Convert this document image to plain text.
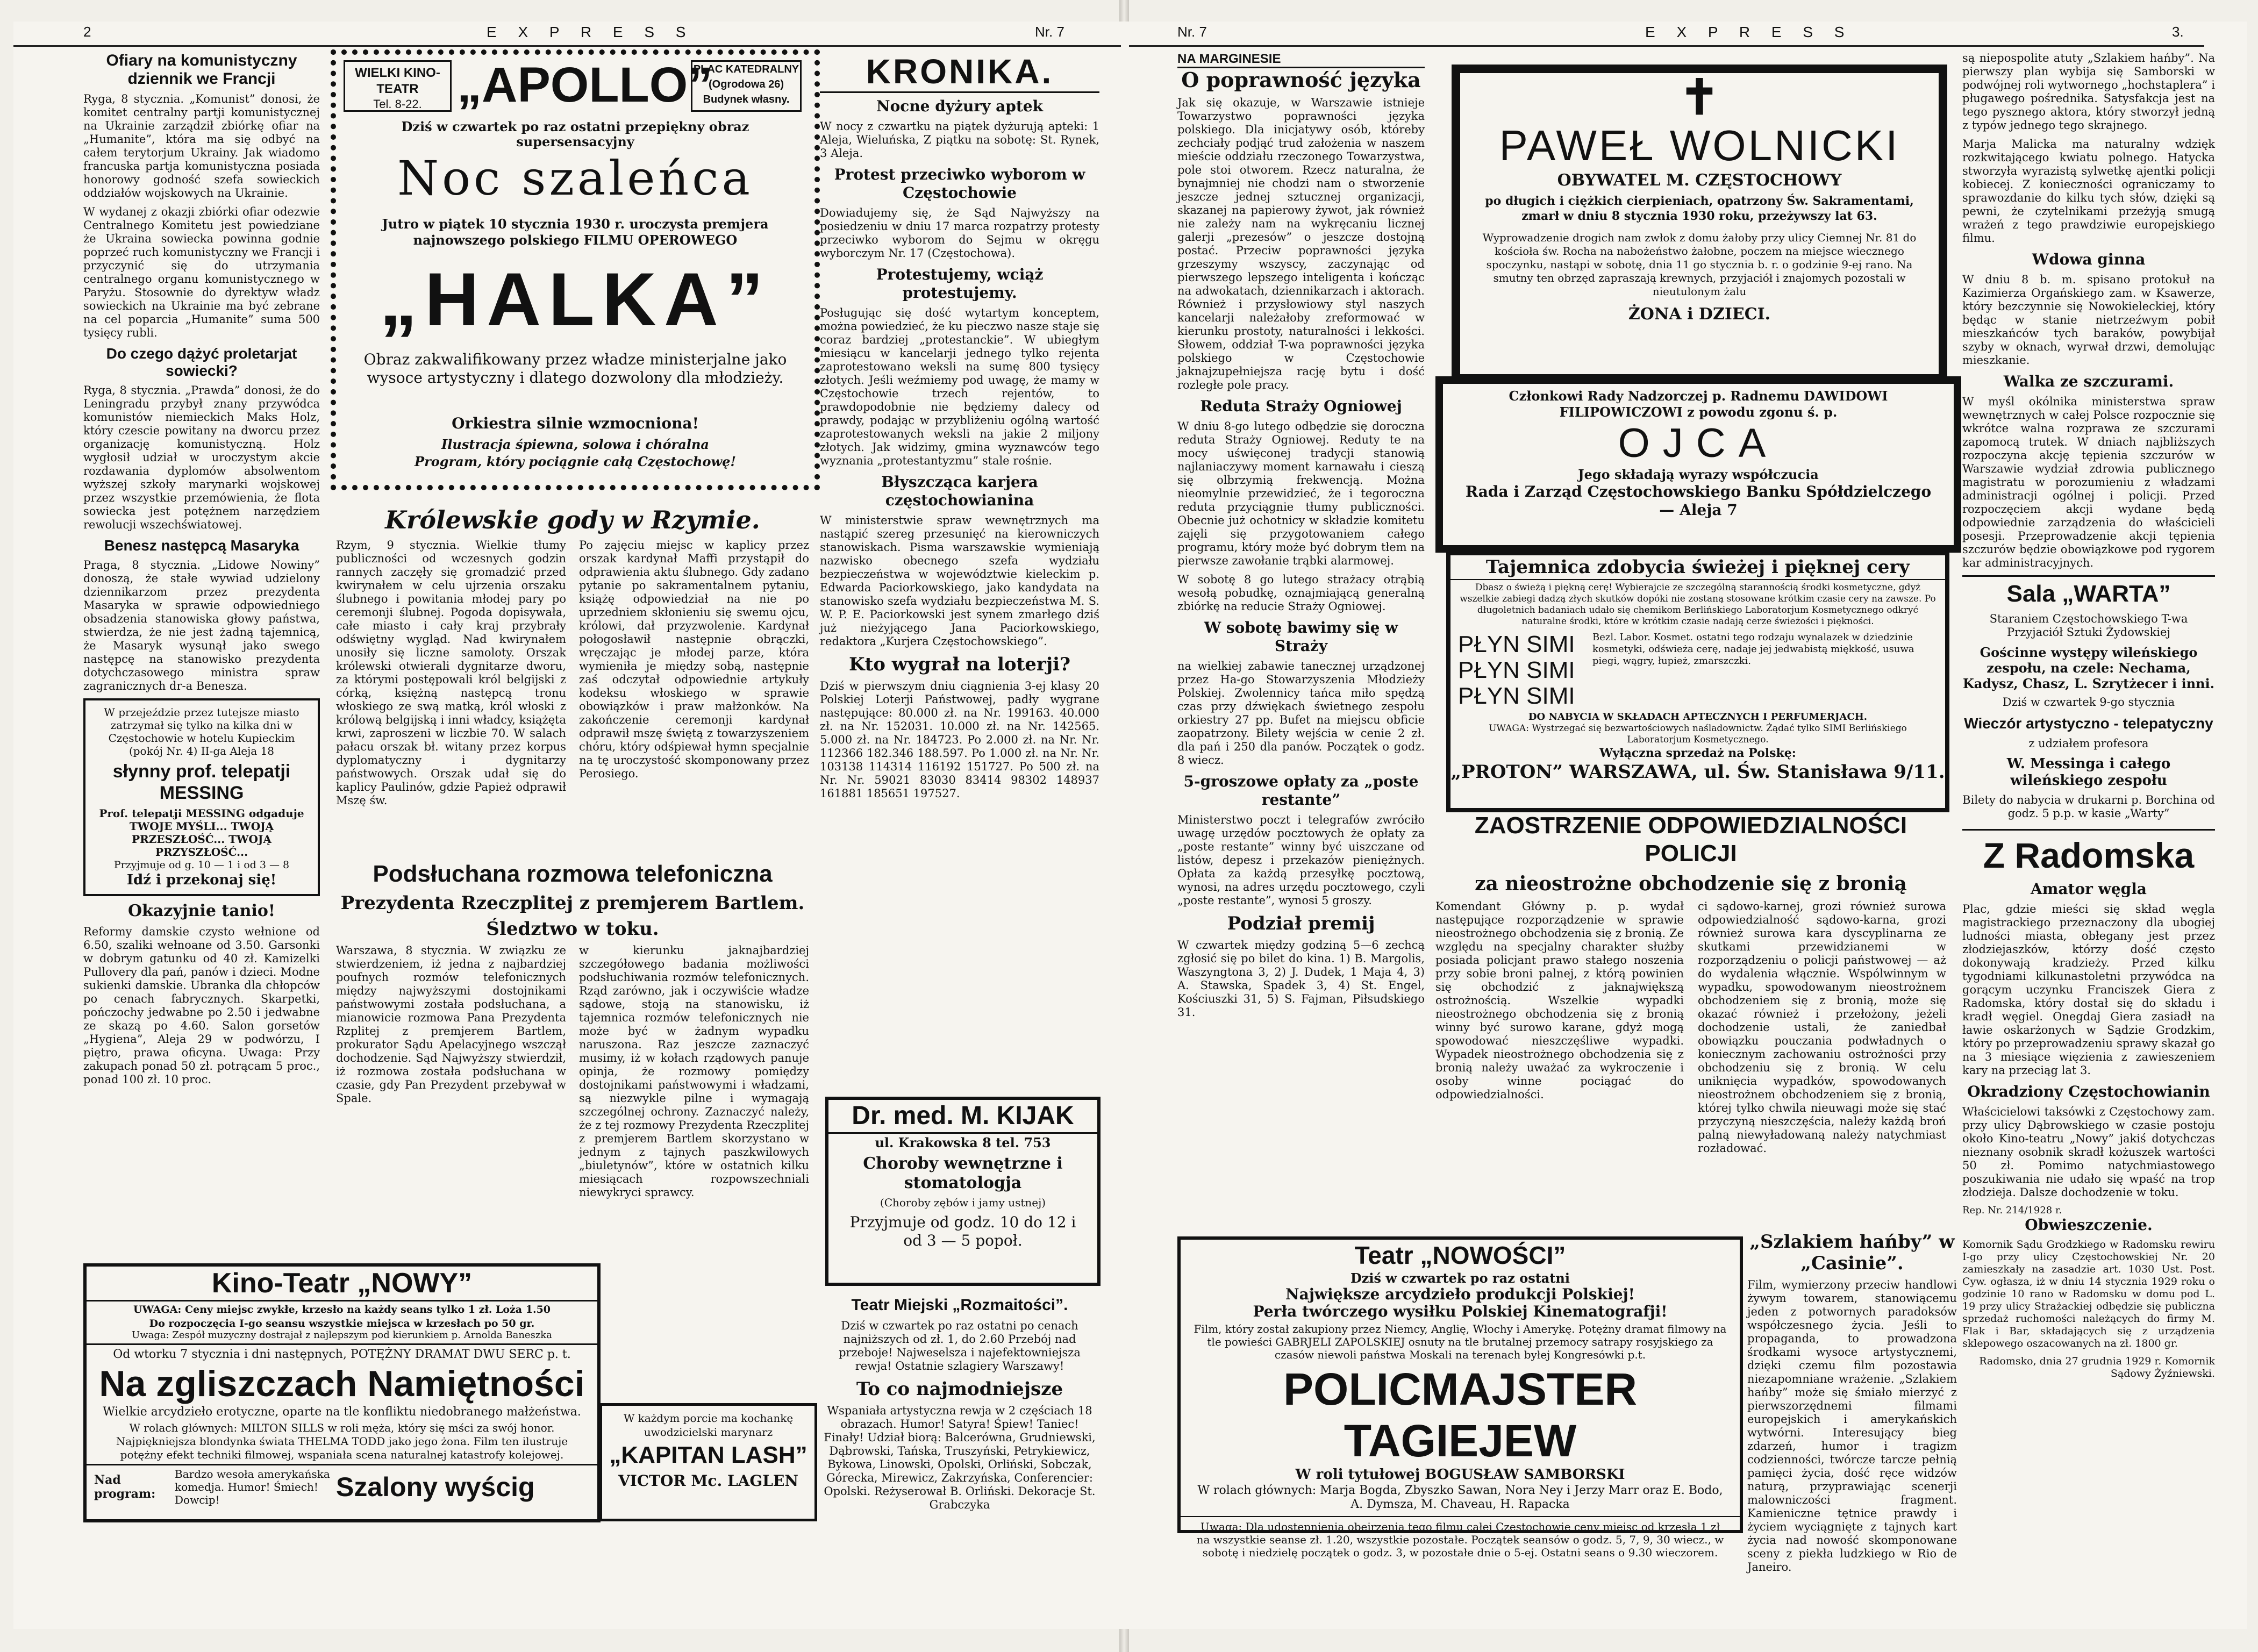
2	E X P R E S S	Nr. 7
Ofiary na komunistyczny dziennik we Francji

Ryga, 8 stycznia. „Komunist” donosi, że komitet centralny partji komunistycznej na Ukrainie zarządził zbiórkę ofiar na „Humanite”, która ma się odbyć na całem terytorjum Ukrainy. Jak wiadomo francuska partja komunistyczna posiada honorowy godność szefa sowieckich oddziałów wojskowych na Ukrainie.

W wydanej z okazji zbiórki ofiar odezwie Centralnego Komitetu jest powiedziane że Ukraina sowiecka powinna godnie poprzeć ruch komunistyczny we Francji i przyczynić się do utrzymania centralnego organu komunistycznego w Paryżu. Stosownie do dyrektyw władz sowieckich na Ukrainie ma być zebrane na cel poparcia „Humanite” suma 500 tysięcy rubli.

Do czego dążyć proletarjat sowiecki?

Ryga, 8 stycznia. „Prawda” donosi, że do Leningradu przybył znany przywódca komunistów niemieckich Maks Holz, który czescie powitany na dworcu przez organizację komunistyczną. Holz wygłosił udział w uroczystym akcie rozdawania dyplomów absolwentom wyższej szkoły marynarki wojskowej przez wszystkie przemówienia, że flota sowiecka jest potężnem narzędziem rewolucji wszechświatowej.

Benesz następcą Masaryka

Praga, 8 stycznia. „Lidowe Nowiny” donoszą, że stałe wywiad udzielony dziennikarzom przez prezydenta Masaryka w sprawie odpowiedniego obsadzenia stanowiska głowy państwa, stwierdza, że nie jest żadną tajemnicą, że Masaryk wysunął jako swego następcę na stanowisko prezydenta dotychczasowego ministra spraw zagranicznych dr-a Benesza.

W przejeździe przez tutejsze miasto zatrzymał się tylko na kilka dni w Częstochowie w hotelu Kupieckim (pokój Nr. 4) II-ga Aleja 18
słynny prof. telepatji MESSING
Prof. telepatji MESSING odgaduje TWOJE MYŚLI... TWOJĄ PRZESZŁOŚĆ... TWOJĄ PRZYSZŁOŚĆ...
Przyjmuje od g. 10 — 1 i od 3 — 8
Idź i przekonaj się!
Okazyjnie tanio!

Reformy damskie czysto wełnione od 6.50, szaliki wełnoane od 3.50. Garsonki w dobrym gatunku od 40 zł. Kamizelki Pullovery dla pań, panów i dzieci. Modne sukienki damskie. Ubranka dla chłopców po cenach fabrycznych. Skarpetki, pończochy jedwabne po 2.50 i jedwabne ze skazą po 4.60. Salon gorsetów „Hygiena”, Aleja 29 w podwórzu, I piętro, prawa oficyna. Uwaga: Przy zakupach ponad 50 zł. potrącam 5 proc., ponad 100 zł. 10 proc.

WIELKI KINO-TEATR
Tel. 8-22. „APOLLO”
PLAC KATEDRALNY (Ogrodowa 26) Budynek własny.
Dziś w czwartek po raz ostatni przepiękny obraz supersensacyjny
Noc szaleńca
Jutro w piątek 10 stycznia 1930 r. uroczysta premjera najnowszego polskiego FILMU OPEROWEGO
„HALKA”
Obraz zakwalifikowany przez władze ministerjalne jako wysoce artystyczny i dlatego dozwolony dla młodzieży.
Orkiestra silnie wzmocniona!
Ilustracja śpiewna, solowa i chóralna
Program, który pociągnie całą Częstochowę!
Królewskie gody w Rzymie.

Rzym, 9 stycznia. Wielkie tłumy publiczności od wczesnych godzin rannych zaczęły się gromadzić przed kwirynałem w celu ujrzenia orszaku ślubnego i powitania młodej pary po ceremonji ślubnej. Pogoda dopisywała, całe miasto i cały kraj przybrały odświętny wygląd. Nad kwirynałem unosiły się liczne samoloty. Orszak królewski otwierali dygnitarze dworu, za którymi postępowali król belgijski z córką, księżną następcą tronu włoskiego ze swą matką, król włoski z królową belgijską i inni władcy, książęta krwi, zaproszeni w liczbie 70. W salach pałacu orszak bł. witany przez korpus dyplomatyczny i dygnitarzy państwowych. Orszak udał się do kaplicy Paulinów, gdzie Papież odprawił Mszę św.

Po zajęciu miejsc w kaplicy przez orszak kardynał Maffi przystąpił do odprawienia aktu ślubnego. Gdy zadano pytanie po sakramentalnem pytaniu, książę odpowiedział na nie po uprzedniem skłonieniu się swemu ojcu, królowi, dał przyzwolenie. Kardynał połogosławił następnie obrączki, wręczając je młodej parze, która wymieniła je między sobą, następnie zaś odczytał odpowiednie artykuły kodeksu włoskiego w sprawie obowiązków i praw małżonków. Na zakończenie ceremonji kardynał odprawił mszę świętą z towarzyszeniem chóru, który odśpiewał hymn specjalnie na tę uroczystość skomponowany przez Perosiego.

Podsłuchana rozmowa telefoniczna
Prezydenta Rzeczplitej z premjerem Bartlem.
Śledztwo w toku.

Warszawa, 8 stycznia. W związku ze stwierdzeniem, iż jedna z najbardziej poufnych rozmów telefonicznych między najwyższymi dostojnikami państwowymi została podsłuchana, a mianowicie rozmowa Pana Prezydenta Rzplitej z premjerem Bartlem, prokurator Sądu Apelacyjnego wszczął dochodzenie. Sąd Najwyższy stwierdził, iż rozmowa została podsłuchana w czasie, gdy Pan Prezydent przebywał w Spale.

w kierunku jaknajbardziej szczegółowego badania możliwości podsłuchiwania rozmów telefonicznych. Rząd zarówno, jak i oczywiście władze sądowe, stoją na stanowisku, iż tajemnica rozmów telefonicznych nie może być w żadnym wypadku naruszona. Raz jeszcze zaznaczyć musimy, iż w kołach rządowych panuje opinja, że rozmowy pomiędzy dostojnikami państwowymi i władzami, są niezwykle pilne i wymagają szczególnej ochrony. Zaznaczyć należy, że z tej rozmowy Prezydenta Rzeczplitej z premjerem Bartlem skorzystano w jednym z tajnych paszkwilowych „biuletynów”, które w ostatnich kilku miesiącach rozpowszechniali niewykryci sprawcy.

Kino-Teatr „NOWY”
UWAGA: Ceny miejsc zwykłe, krzesło na każdy seans tylko 1 zł. Loża 1.50
Do rozpoczęcia I-go seansu wszystkie miejsca w krzesłach po 50 gr.
Uwaga: Zespół muzyczny dostrajał z najlepszym pod kierunkiem p. Arnolda Baneszka
Od wtorku 7 stycznia i dni następnych, POTĘŻNY DRAMAT DWU SERC p. t.
Na zgliszczach Namiętności
Wielkie arcydzieło erotyczne, oparte na tle konfliktu niedobranego małżeństwa.
W rolach głównych: MILTON SILLS w roli męża, który się mści za swój honor. Najpiękniejsza blondynka świata THELMA TODD jako jego żona. Film ten ilustruje potężny efekt techniki filmowej, wspaniała scena naturalnej katastrofy kolejowej.
Nad program:
Bardzo wesoła amerykańska komedja. Humor! Śmiech! Dowcip!	Szalony wyścig
KRONIKA.
Nocne dyżury aptek

W nocy z czwartku na piątek dyżurują apteki: 1 Aleja, Wieluńska, Z piątku na sobotę: St. Rynek, 3 Aleja.

Protest przeciwko wyborom w Częstochowie

Dowiadujemy się, że Sąd Najwyższy na posiedzeniu w dniu 17 marca rozpatrzy protesty przeciwko wyborom do Sejmu w okręgu wyborczym Nr. 17 (Częstochowa).

Protestujemy, wciąż protestujemy.

Posługując się dość wytartym konceptem, można powiedzieć, że ku pieczwo nasze staje się coraz bardziej „protestanckie”. W ubiegłym miesiącu w kancelarji jednego tylko rejenta zaprotestowano weksli na sumę 800 tysięcy złotych. Jeśli weźmiemy pod uwagę, że mamy w Częstochowie trzech rejentów, to prawdopodobnie nie będziemy dalecy od prawdy, podając w przybliżeniu ogólną wartość zaprotestowanych weksli na jakie 2 miljony złotych. Jak widzimy, gmina wyznawców tego wyznania „protestantyzmu” stale rośnie.

Błyszcząca karjera częstochowianina

W ministerstwie spraw wewnętrznych ma nastąpić szereg przesunięć na kierowniczych stanowiskach. Pisma warszawskie wymieniają nazwisko obecnego szefa wydziału bezpieczeństwa w województwie kieleckim p. Edwarda Paciorkowskiego, jako kandydata na stanowisko szefa wydziału bezpieczeństwa M. S. W. P. E. Paciorkowski jest synem zmarłego dziś już nieżyjącego Jana Paciorkowskiego, redaktora „Kurjera Częstochowskiego”.

Kto wygrał na loterji?

Dziś w pierwszym dniu ciągnienia 3-ej klasy 20 Polskiej Loterji Państwowej, padły wygrane następujące: 80.000 zł. na Nr. 199163. 40.000 zł. na Nr. 152031. 10.000 zł. na Nr. 142565. 5.000 zł. na Nr. 184723. Po 2.000 zł. na Nr. Nr. 112366 182.346 188.597. Po 1.000 zł. na Nr. Nr. 103138 114314 116192 151727. Po 500 zł. na Nr. Nr. 59021 83030 83414 98302 148937 161881 185651 197527.

Dr. med. M. KIJAK
ul. Krakowska 8 tel. 753
Choroby wewnętrzne i stomatologja
(Choroby zębów i jamy ustnej)
Przyjmuje od godz. 10 do 12 i od 3 — 5 popoł.
Teatr Miejski „Rozmaitości”.

Dziś w czwartek po raz ostatni po cenach najniższych od zł. 1, do 2.60 Przebój nad przeboje! Najweselsza i najefektowniejsza rewja! Ostatnie szlagiery Warszawy!

To co najmodniejsze

Wspaniała artystyczna rewja w 2 częściach 18 obrazach. Humor! Satyra! Śpiew! Taniec! Finały! Udział biorą: Balcerówna, Grudniewski, Dąbrowski, Tańska, Truszyński, Petrykiewicz, Bykowa, Linowski, Opolski, Orliński, Sobczak, Górecka, Mirewicz, Zakrzyńska, Conferencier: Opolski. Reżyserował B. Orliński. Dekoracje St. Grabczyka

W każdym porcie ma kochankę uwodzicielski marynarz
„KAPITAN LASH”
VICTOR Mc. LAGLEN
Nr. 7	E X P R E S S	3.
NA MARGINESIE
O poprawność języka

Jak się okazuje, w Warszawie istnieje Towarzystwo poprawności języka polskiego. Dla inicjatywy osób, któreby zechciały podjąć trud założenia w naszem mieście oddziału rzeczonego Towarzystwa, pole stoi otworem. Rzecz naturalna, że bynajmniej nie chodzi nam o stworzenie jeszcze jednej sztucznej organizacji, skazanej na papierowy żywot, jak również nie zależy nam na wykręcaniu licznej galerji „prezesów” o jeszcze dostojną postać. Przeciw poprawności języka grzeszymy wszyscy, zaczynając od pierwszego lepszego inteligenta i kończąc na adwokatach, dziennikarzach i aktorach. Również i przysłowiowy styl naszych kancelarji należałoby zreformować w kierunku prostoty, naturalności i lekkości. Słowem, oddział T-wa poprawności języka polskiego w Częstochowie jaknajzupełniejsza rację bytu i dość rozległe pole pracy.

Reduta Straży Ogniowej

W dniu 8-go lutego odbędzie się doroczna reduta Straży Ogniowej. Reduty te na mocy uświęconej tradycji stanowią najlaniaczywy moment karnawału i cieszą się olbrzymią frekwencją. Można nieomylnie przewidzieć, że i tegoroczna reduta przyciągnie tłumy publiczności. Obecnie już ochotnicy w składzie komitetu zajęli się przygotowaniem całego programu, który może być dobrym tłem na pierwsze zawołanie trąbki alarmowej.

W sobotę 8 go lutego strażacy otrąbią wesołą pobudkę, oznajmiającą generalną zbiórkę na reducie Straży Ogniowej.

W sobotę bawimy się w Straży

na wielkiej zabawie tanecznej urządzonej przez Ha-go Stowarzyszenia Młodzieży Polskiej. Zwolennicy tańca miło spędzą czas przy dźwiękach świetnego zespołu orkiestry 27 pp. Bufet na miejscu obficie zaopatrzony. Bilety wejścia w cenie 2 zł. dla pań i 250 dla panów. Początek o godz. 8 wiecz.

5-groszowe opłaty za „poste restante”

Ministerstwo poczt i telegrafów zwróciło uwagę urzędów pocztowych że opłaty za „poste restante” winny być uiszczane od listów, depesz i przekazów pieniężnych. Opłata za każdą przesyłkę pocztową, wynosi, na adres urzędu pocztowego, czyli „poste restante”, wynosi 5 groszy.

Podział premij

W czwartek między godziną 5—6 zechcą zgłosić się po bilet do kina. 1) B. Margolis, Waszyngtona 3, 2) J. Dudek, 1 Maja 4, 3) A. Stawska, Spadek 3, 4) St. Engel, Kościuszki 31, 5) S. Fajman, Piłsudskiego 31.

✝
PAWEŁ WOLNICKI
OBYWATEL M. CZĘSTOCHOWY
po długich i ciężkich cierpieniach, opatrzony Św. Sakramentami, zmarł w dniu 8 stycznia 1930 roku, przeżywszy lat 63.
Wyprowadzenie drogich nam zwłok z domu żałoby przy ulicy Ciemnej Nr. 81 do kościoła św. Rocha na nabożeństwo żałobne, poczem na miejsce wiecznego spoczynku, nastąpi w sobotę, dnia 11 go stycznia b. r. o godzinie 9-ej rano. Na smutny ten obrzęd zapraszają krewnych, przyjaciół i znajomych pozostali w nieutulonym żalu
ŻONA i DZIECI.
Członkowi Rady Nadzorczej p. Radnemu DAWIDOWI FILIPOWICZOWI z powodu zgonu ś. p.
OJCA
Jego składają wyrazy współczucia
Rada i Zarząd Częstochowskiego Banku Spółdzielczego — Aleja 7
Tajemnica zdobycia świeżej i pięknej cery
Dbasz o świeżą i piękną cerę! Wybierajcie ze szczególną starannością środki kosmetyczne, gdyż wszelkie zabiegi dadzą złych skutków dopóki nie zostaną stosowane krótkim czasie cery na zawsze. Po długoletnich badaniach udało się chemikom Berlińskiego Laboratorjum Kosmetycznego odkryć naturalne środki, które w krótkim czasie nadają cerze świeżości i piękności.
PŁYN SIMI
PŁYN SIMI
PŁYN SIMI
Bezl. Labor. Kosmet. ostatni tego rodzaju wynalazek w dziedzinie kosmetyki, odświeża cerę, nadaje jej jedwabistą miękkość, usuwa piegi, wągry, łupież, zmarszczki.
DO NABYCIA W SKŁADACH APTECZNYCH I PERFUMERJACH.
UWAGA: Wystrzegać się bezwartościowych naśladownictw. Żądać tylko SIMI Berlińskiego Laboratorjum Kosmetycznego.
Wyłączna sprzedaż na Polskę:
„PROTON” WARSZAWA, ul. Św. Stanisława 9/11.
ZAOSTRZENIE ODPOWIEDZIALNOŚCI POLICJI
za nieostrożne obchodzenie się z bronią

Komendant Główny p. p. wydał następujące rozporządzenie w sprawie nieostrożnego obchodzenia się z bronią. Ze względu na specjalny charakter służby posiada policjant prawo stałego noszenia przy sobie broni palnej, z którą powinien się obchodzić z jaknajwiększą ostrożnością. Wszelkie wypadki nieostrożnego obchodzenia się z bronią winny być surowo karane, gdyż mogą spowodować nieszczęśliwe wypadki. Wypadek nieostrożnego obchodzenia się z bronią należy uważać za wykroczenie i osoby winne pociągać do odpowiedzialności.

ci sądowo-karnej, grozi również surowa odpowiedzialność sądowo-karna, grozi również surowa kara dyscyplinarna ze skutkami przewidzianemi w rozporządzeniu o policji państwowej — aż do wydalenia włącznie. Wspólwinnym w wypadku, spowodowanym nieostrożnem obchodzeniem się z bronią, może się okazać również i przełożony, jeżeli dochodzenie ustali, że zaniedbał obowiązku pouczania podwładnych o koniecznym zachowaniu ostrożności przy obchodzeniu się z bronią. W celu uniknięcia wypadków, spowodowanych nieostrożnem obchodzeniem się z bronią, której tylko chwila nieuwagi może się stać przyczyną nieszczęścia, należy każdą broń palną niewyładowaną należy natychmiast rozładować.

Teatr „NOWOŚCI”
Dziś w czwartek po raz ostatni
Największe arcydzieło produkcji Polskiej!
Perła twórczego wysiłku Polskiej Kinematografji!
Film, który został zakupiony przez Niemcy, Anglię, Włochy i Amerykę. Potężny dramat filmowy na tle powieści GABRJELI ZAPOLSKIEJ osnuty na tle brutalnej przemocy satrapy rosyjskiego za czasów niewoli państwa Moskali na terenach byłej Kongresówki p.t.
POLICMAJSTER TAGIEJEW
W roli tytułowej BOGUSŁAW SAMBORSKI
W rolach głównych: Marja Bogda, Zbyszko Sawan, Nora Ney i Jerzy Marr oraz E. Bodo, A. Dymsza, M. Chaveau, H. Rapacka
Uwaga: Dla udostępnienia obejrzenia tego filmu całej Częstochowie ceny miejsc od krzesła 1 zł na wszystkie seanse zł. 1.20, wszystkie pozostałe. Początek seansów o godz. 5, 7, 9, 30 wiecz., w sobotę i niedzielę początek o godz. 3, w pozostałe dnie o 5-ej. Ostatni seans o 9.30 wieczorem.
„Szlakiem hańby” w „Casinie”.

Film, wymierzony przeciw handlowi żywym towarem, stanowiącemu jeden z potwornych paradoksów współczesnego życia. Jeśli to propaganda, to prowadzona środkami wysoce artystycznemi, dzięki czemu film pozostawia niezapomniane wrażenie. „Szlakiem hańby” może się śmiało mierzyć z pierwszorzędnemi filmami europejskich i amerykańskich wytwórni. Interesujący bieg zdarzeń, humor i tragizm codzienności, twórcze tarcze pełnią pamięci życia, dość ręce widzów naturą, przyprawiając scenerji malowniczości fragment. Kamieniczne tętnice prawdy i życiem wyciągnięte z tajnych kart życia nad nowość skomponowane sceny z piekła ludzkiego w Rio de Janeiro.

są niepospolite atuty „Szlakiem hańby”. Na pierwszy plan wybija się Samborski w podwójnej roli wytwornego „hochstaplera” i pługawego pośrednika. Satysfakcja jest na tego pysznego aktora, który stworzył jedną z typów jednego tego skrajnego.

Marja Malicka ma naturalny wdzięk rozkwitającego kwiatu polnego. Hatycka stworzyła wyrazistą sylwetkę ajentki policji kobiecej. Z konieczności ograniczamy to sprawozdanie do kilku tych słów, dzięki są pewni, że czytelnikami przeżyją smugą wrażeń z tego prawdziwie europejskiego filmu.

Wdowa ginna

W dniu 8 b. m. spisano protokuł na Kazimierza Orgańskiego zam. w Ksawerze, który bezczynnie się Nowokieleckiej, który będąc w stanie nietrzeźwym pobił mieszkańców tych baraków, powybijał szyby w oknach, wyrwał drzwi, demolując mieszkanie.

Walka ze szczurami.

W myśl okólnika ministerstwa spraw wewnętrznych w całej Polsce rozpocznie się wkrótce walna rozprawa ze szczurami zapomocą trutek. W dniach najbliższych rozpoczyna akcję tępienia szczurów w Warszawie wydział zdrowia publicznego magistratu w porozumieniu z władzami administracji ogólnej i policji. Przed rozpoczęciem akcji wydane będą odpowiednie zarządzenia do właścicieli posesji. Przeprowadzenie akcji tępienia szczurów będzie obowiązkowe pod rygorem kar administracyjnych.

Sala „WARTA”

Staraniem Częstochowskiego T-wa Przyjaciół Sztuki Żydowskiej

Gościnne występy wileńskiego zespołu, na czele: Nechama, Kadysz, Chasz, L. Szrytżecer i inni.

Dziś w czwartek 9-go stycznia

Wieczór artystyczno - telepatyczny

z udziałem profesora

W. Messinga i całego wileńskiego zespołu

Bilety do nabycia w drukarni p. Borchina od godz. 5 p.p. w kasie „Warty”

Z Radomska
Amator węgla

Plac, gdzie mieści się skład węgla magistrackiego przeznaczony dla ubogiej ludności miasta, obłegany jest przez złodziejaszków, którzy dość często dokonywają kradzieży. Przed kilku tygodniami kilkunastoletni przywódca na gorącym uczynku Franciszek Giera z Radomska, który dostał się do składu i kradł węgiel. Onegdaj Giera zasiadł na ławie oskarżonych w Sądzie Grodzkim, który po przeprowadzeniu sprawy skazał go na 3 miesiące więzienia z zawieszeniem kary na przeciąg lat 3.

Okradziony Częstochowianin

Właścicielowi taksówki z Częstochowy zam. przy ulicy Dąbrowskiego w czasie postoju około Kino-teatru „Nowy” jakiś dotychczas nieznany osobnik skradł kożuszek wartości 50 zł. Pomimo natychmiastowego poszukiwania nie udało się wpaść na trop złodzieja. Dalsze dochodzenie w toku.

Rep. Nr. 214/1928 r.
Obwieszczenie.

Komornik Sądu Grodzkiego w Radomsku rewiru I-go przy ulicy Częstochowskiej Nr. 20 zamieszkały na zasadzie art. 1030 Ust. Post. Cyw. ogłasza, iż w dniu 14 stycznia 1929 roku o godzinie 10 rano w Radomsku w domu pod L. 19 przy ulicy Strażackiej odbędzie się publiczna sprzedaż ruchomości należących do firmy M. Flak i Bar, składających się z urządzenia sklepowego oszacowanych na zł. 1800 gr.

Radomsko, dnia 27 grudnia 1929 r. Komornik Sądowy Żyźniewski.
